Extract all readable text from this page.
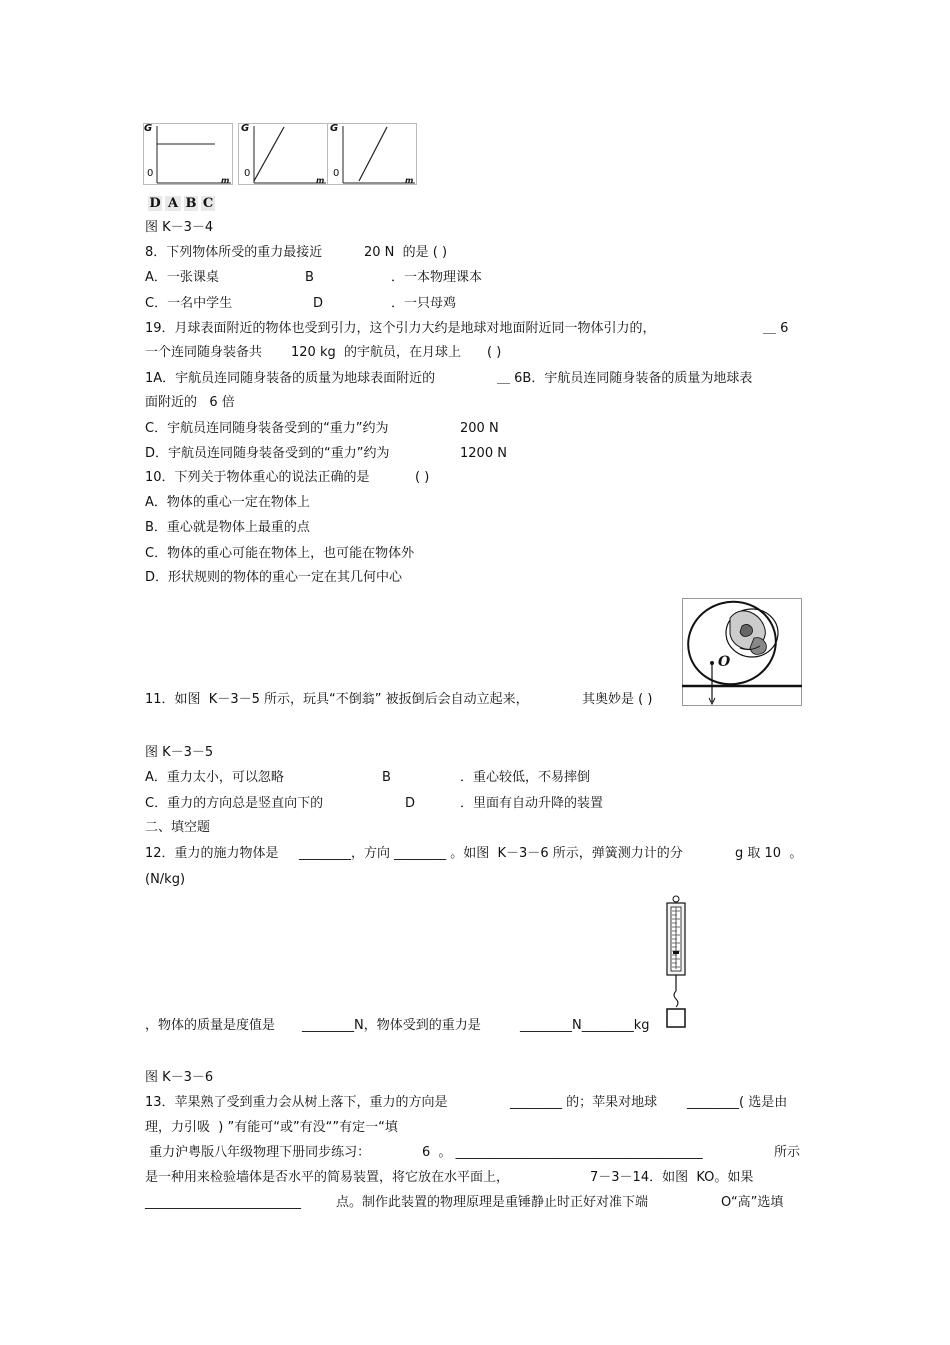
G
0
m
G
0
m
G
0
m
D A B C
图 K－3－4
8．下列物体所受的重力最接近	20 N  的是 ( )
A．一张课桌	B	．一本物理课本
C．一名中学生	D	．一只母鸡
19．月球表面附近的物体也受到引力，这个引力大约是地球对地面附近同一物体引力的，	＿ 6
一个连同随身装备共 120 kg  的宇航员，在月球上 ( )
1A．宇航员连同随身装备的质量为地球表面附近的	＿ 6B．宇航员连同随身装备的质量为地球表
面附近的   6 倍
C．宇航员连同随身装备受到的“重力”约为	200 N
D．宇航员连同随身装备受到的“重力”约为	1200 N
10．下列关于物体重心的说法正确的是	( )
A．物体的重心一定在物体上
B．重心就是物体上最重的点
C．物体的重心可能在物体上，也可能在物体外
D．形状规则的物体的重心一定在其几何中心
O
11．如图  K－3－5 所示，玩具“不倒翁” 被扳倒后会自动立起来，	其奥妙是 ( )
图 K－3－5
A．重力太小，可以忽略	B	．重心较低，不易摔倒
C．重力的方向总是竖直向下的	D	．里面有自动升降的装置
二、填空题
12．重力的施力物体是 ________，方向 ________ 。如图  K－3－6 所示，弹簧测力计的分	g 取 10  。
(N/kg)
，物体的质量是度值是 ________N，物体受到的重力是	________N________kg
图 K－3－6
13．苹果熟了受到重力会从树上落下，重力的方向是	________ 的；苹果对地球 ________( 选是由
理，力引吸  ) ”有能可“或”有没“”有定一“填
重力沪粤版八年级物理下册同步练习：	6  。 ______________________________________	所示
是一种用来检验墙体是否水平的简易装置，将它放在水平面上，	7－3－14．如图  KO。如果
________________________	点。制作此装置的物理原理是重锤静止时正好对准下端	O“高”选填
